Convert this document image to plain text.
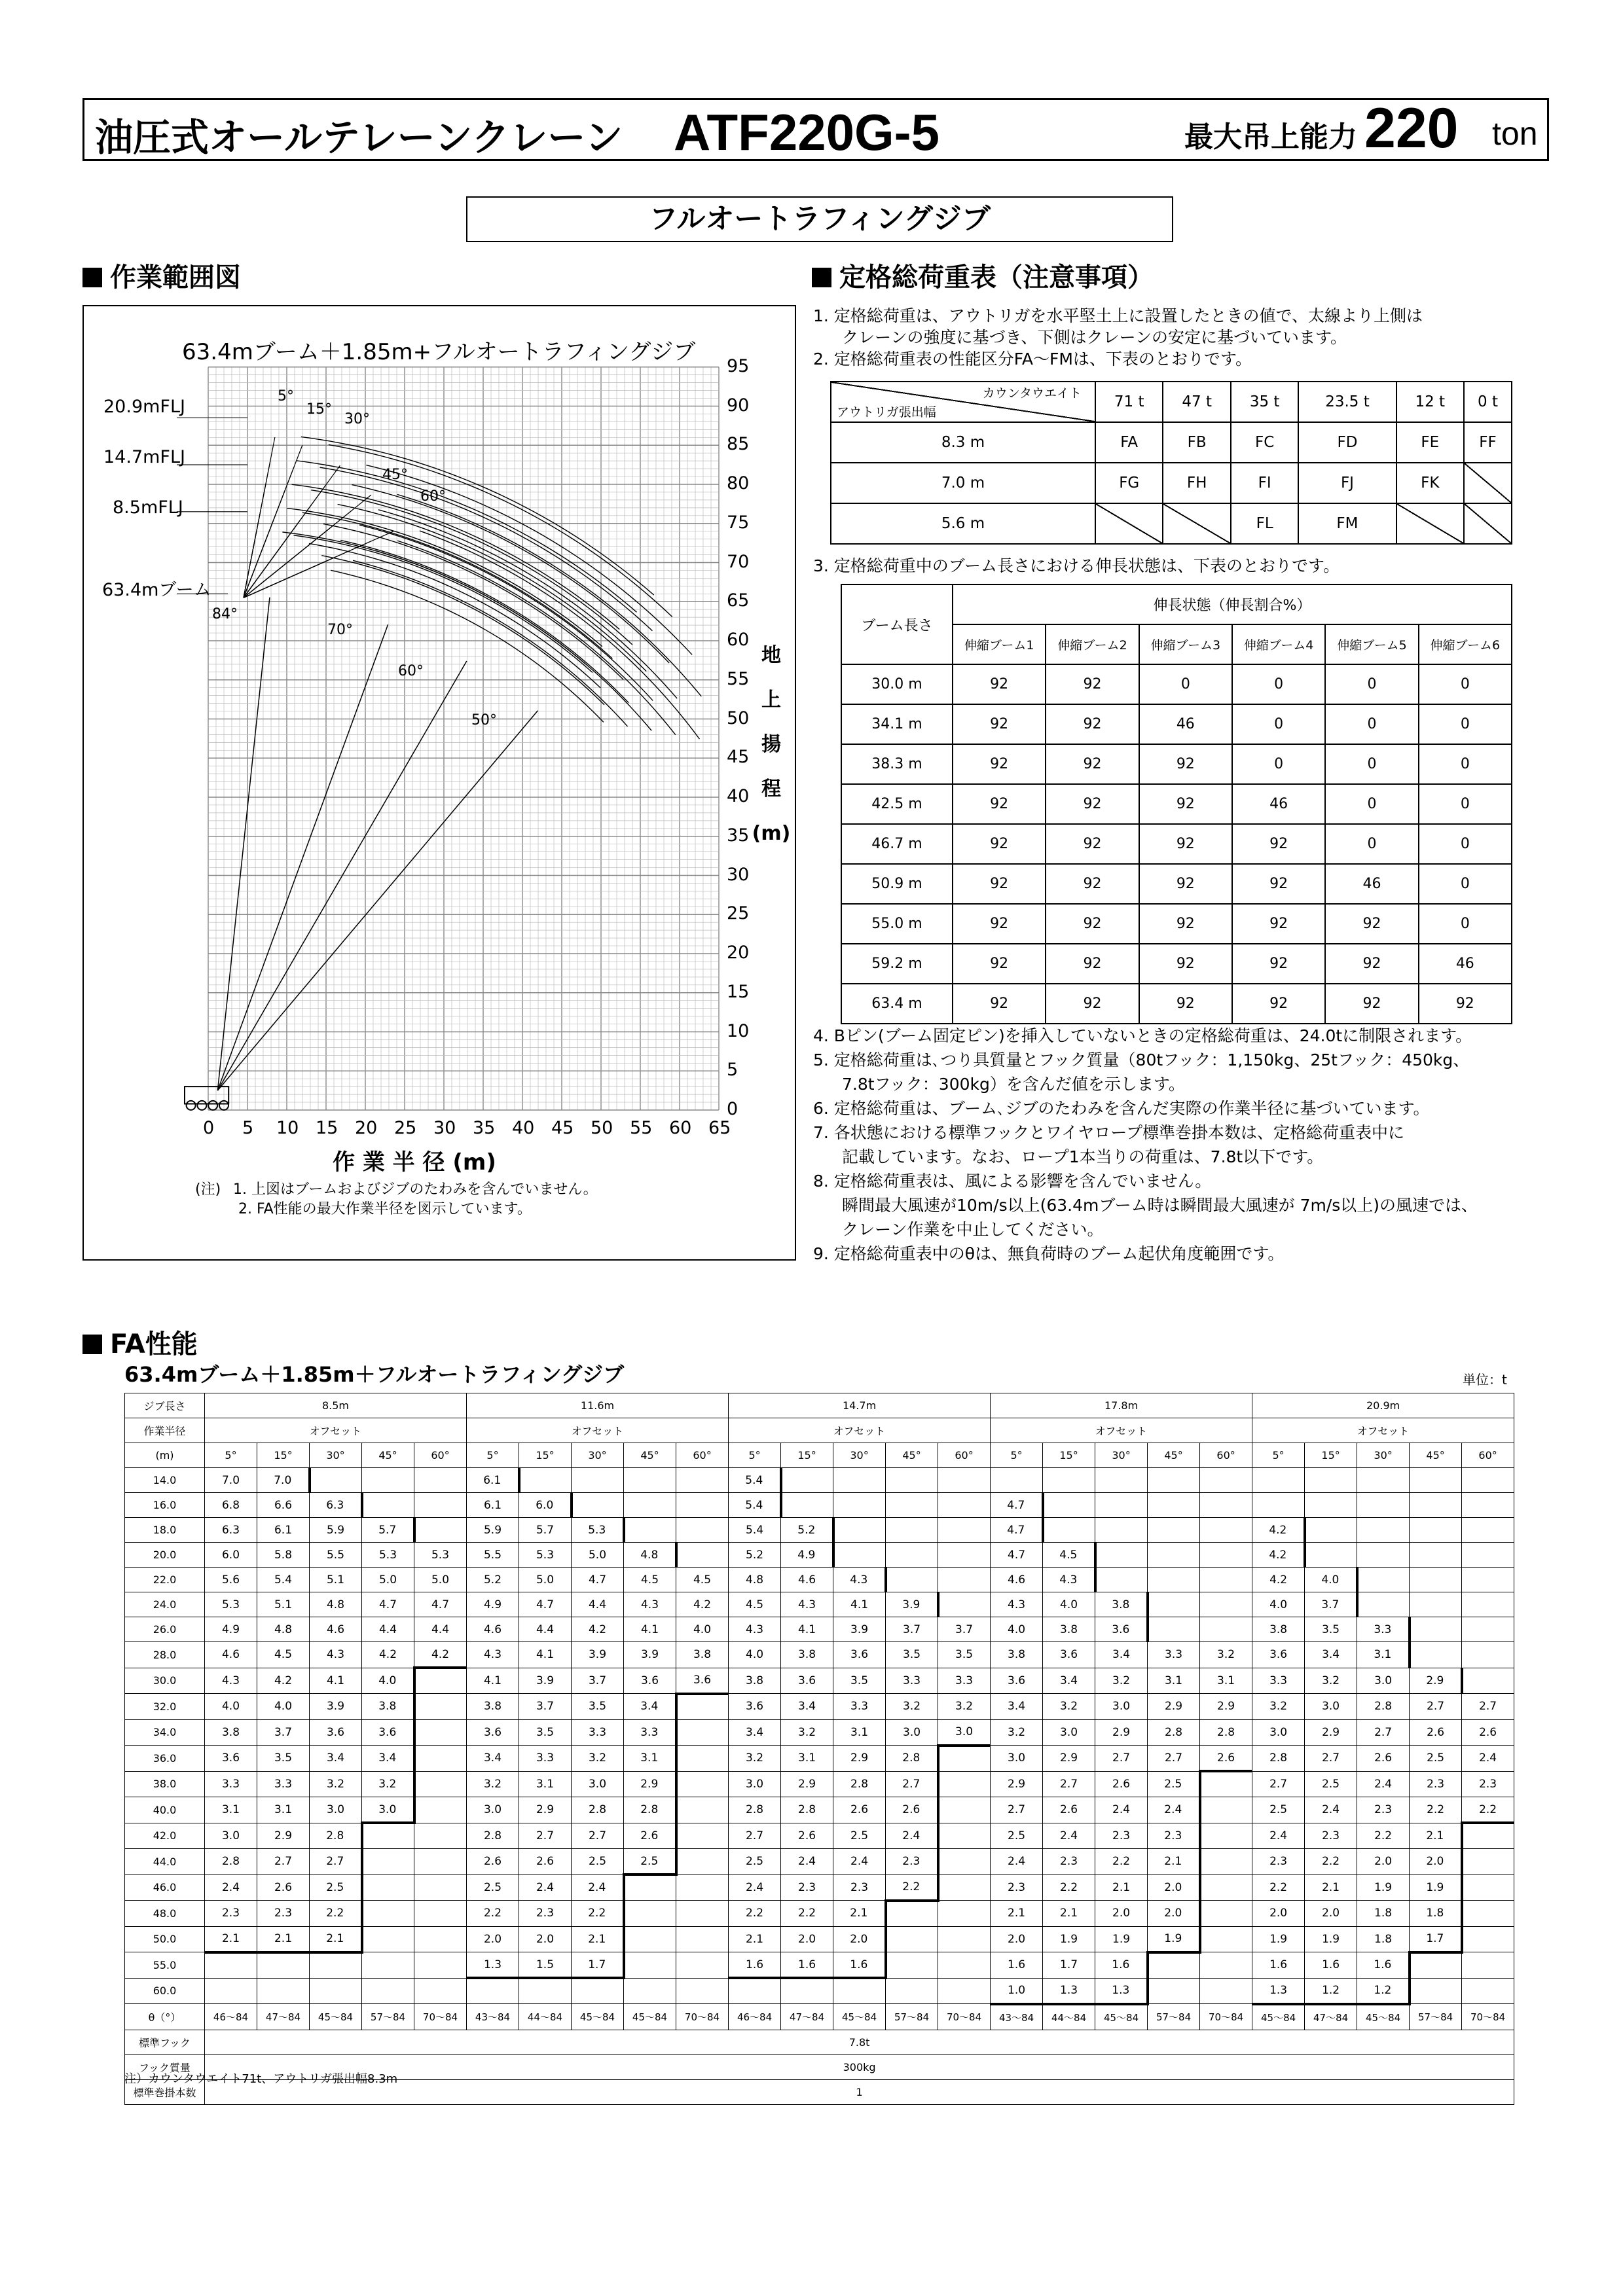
油圧式オールテレーンクレーン ATF220G-5	最大吊上能力 220 ton
フルオートラフィングジブ
作業範囲図	定格総荷重表（注意事項）
63.4mブーム＋1.85m+フルオートラフィングジブ
95
90
85
80
75
70
65
60
55
50
45
40
35
30
25
20
15
10
5
0
0 5 10 15 20 25 30 35 40 45 50 55 60 65
地
上
揚
程
(m)
作 業 半 径 (m)
20.9mFLJ
14.7mFLJ
8.5mFLJ
63.4mブーム
5°
15°
30°
45°
60°
70°
60°
50°
84°
(注) 1. 上図はブームおよびジブのたわみを含んでいません。
2. FA性能の最大作業半径を図示しています。
1. 定格総荷重は、アウトリガを水平堅土上に設置したときの値で、太線より上側は
クレーンの強度に基づき、下側はクレーンの安定に基づいています。
2. 定格総荷重表の性能区分FA～FMは、下表のとおりです。
カウンタウエイト
アウトリガ張出幅	71 t	47 t	35 t	23.5 t	12 t	0 t
8.3 m	FA	FB	FC	FD	FE	FF
7.0 m	FG	FH	FI	FJ	FK	
5.6 m			FL	FM		
3. 定格総荷重中のブーム長さにおける伸長状態は、下表のとおりです。
ブーム長さ	伸長状態（伸長割合%）					
	伸縮ブーム1	伸縮ブーム2	伸縮ブーム3	伸縮ブーム4	伸縮ブーム5	伸縮ブーム6
30.0 m	92	92	0	0	0	0
34.1 m	92	92	46	0	0	0
38.3 m	92	92	92	0	0	0
42.5 m	92	92	92	46	0	0
46.7 m	92	92	92	92	0	0
50.9 m	92	92	92	92	46	0
55.0 m	92	92	92	92	92	0
59.2 m	92	92	92	92	92	46
63.4 m	92	92	92	92	92	92
4. Bピン(ブーム固定ピン)を挿入していないときの定格総荷重は、24.0tに制限されます。
5. 定格総荷重は､つり具質量とフック質量（80tフック：1,150kg、25tフック：450kg、
7.8tフック：300kg）を含んだ値を示します。
6. 定格総荷重は、ブーム､ジブのたわみを含んだ実際の作業半径に基づいています。
7. 各状態における標準フックとワイヤロープ標準巻掛本数は、定格総荷重表中に
記載しています。なお、ロープ1本当りの荷重は、7.8t以下です。
8. 定格総荷重表は、風による影響を含んでいません。
瞬間最大風速が10m/s以上(63.4mブーム時は瞬間最大風速が 7m/s以上)の風速では、
クレーン作業を中止してください。
9. 定格総荷重表中のθは、無負荷時のブーム起伏角度範囲です。
FA性能
63.4mブーム＋1.85m＋フルオートラフィングジブ	単位：t
ジブ長さ	8.5m					11.6m					14.7m					17.8m					20.9m				
作業半径	オフセット					オフセット					オフセット					オフセット					オフセット				
(m)	5°	15°	30°	45°	60°	5°	15°	30°	45°	60°	5°	15°	30°	45°	60°	5°	15°	30°	45°	60°	5°	15°	30°	45°	60°
14.0	7.0	7.0				6.1					5.4														
16.0	6.8	6.6	6.3			6.1	6.0				5.4					4.7									
18.0	6.3	6.1	5.9	5.7		5.9	5.7	5.3			5.4	5.2				4.7					4.2				
20.0	6.0	5.8	5.5	5.3	5.3	5.5	5.3	5.0	4.8		5.2	4.9				4.7	4.5				4.2				
22.0	5.6	5.4	5.1	5.0	5.0	5.2	5.0	4.7	4.5	4.5	4.8	4.6	4.3			4.6	4.3				4.2	4.0			
24.0	5.3	5.1	4.8	4.7	4.7	4.9	4.7	4.4	4.3	4.2	4.5	4.3	4.1	3.9		4.3	4.0	3.8			4.0	3.7			
26.0	4.9	4.8	4.6	4.4	4.4	4.6	4.4	4.2	4.1	4.0	4.3	4.1	3.9	3.7	3.7	4.0	3.8	3.6			3.8	3.5	3.3		
28.0	4.6	4.5	4.3	4.2	4.2	4.3	4.1	3.9	3.9	3.8	4.0	3.8	3.6	3.5	3.5	3.8	3.6	3.4	3.3	3.2	3.6	3.4	3.1		
30.0	4.3	4.2	4.1	4.0		4.1	3.9	3.7	3.6	3.6	3.8	3.6	3.5	3.3	3.3	3.6	3.4	3.2	3.1	3.1	3.3	3.2	3.0	2.9	
32.0	4.0	4.0	3.9	3.8		3.8	3.7	3.5	3.4		3.6	3.4	3.3	3.2	3.2	3.4	3.2	3.0	2.9	2.9	3.2	3.0	2.8	2.7	2.7
34.0	3.8	3.7	3.6	3.6		3.6	3.5	3.3	3.3		3.4	3.2	3.1	3.0	3.0	3.2	3.0	2.9	2.8	2.8	3.0	2.9	2.7	2.6	2.6
36.0	3.6	3.5	3.4	3.4		3.4	3.3	3.2	3.1		3.2	3.1	2.9	2.8		3.0	2.9	2.7	2.7	2.6	2.8	2.7	2.6	2.5	2.4
38.0	3.3	3.3	3.2	3.2		3.2	3.1	3.0	2.9		3.0	2.9	2.8	2.7		2.9	2.7	2.6	2.5		2.7	2.5	2.4	2.3	2.3
40.0	3.1	3.1	3.0	3.0		3.0	2.9	2.8	2.8		2.8	2.8	2.6	2.6		2.7	2.6	2.4	2.4		2.5	2.4	2.3	2.2	2.2
42.0	3.0	2.9	2.8			2.8	2.7	2.7	2.6		2.7	2.6	2.5	2.4		2.5	2.4	2.3	2.3		2.4	2.3	2.2	2.1	
44.0	2.8	2.7	2.7			2.6	2.6	2.5	2.5		2.5	2.4	2.4	2.3		2.4	2.3	2.2	2.1		2.3	2.2	2.0	2.0	
46.0	2.4	2.6	2.5			2.5	2.4	2.4			2.4	2.3	2.3	2.2		2.3	2.2	2.1	2.0		2.2	2.1	1.9	1.9	
48.0	2.3	2.3	2.2			2.2	2.3	2.2			2.2	2.2	2.1			2.1	2.1	2.0	2.0		2.0	2.0	1.8	1.8	
50.0	2.1	2.1	2.1			2.0	2.0	2.1			2.1	2.0	2.0			2.0	1.9	1.9	1.9		1.9	1.9	1.8	1.7	
55.0						1.3	1.5	1.7			1.6	1.6	1.6			1.6	1.7	1.6			1.6	1.6	1.6		
60.0																1.0	1.3	1.3			1.3	1.2	1.2		
θ（°）	46～84	47～84	45～84	57～84	70～84	43～84	44～84	45～84	45～84	70～84	46～84	47～84	45～84	57～84	70～84	43～84	44～84	45～84	57～84	70～84	45～84	47～84	45～84	57～84	70～84
標準フック	7.8t																								
フック質量	300kg																								
標準巻掛本数	1																								
注）カウンタウエイト71t、アウトリガ張出幅8.3m
